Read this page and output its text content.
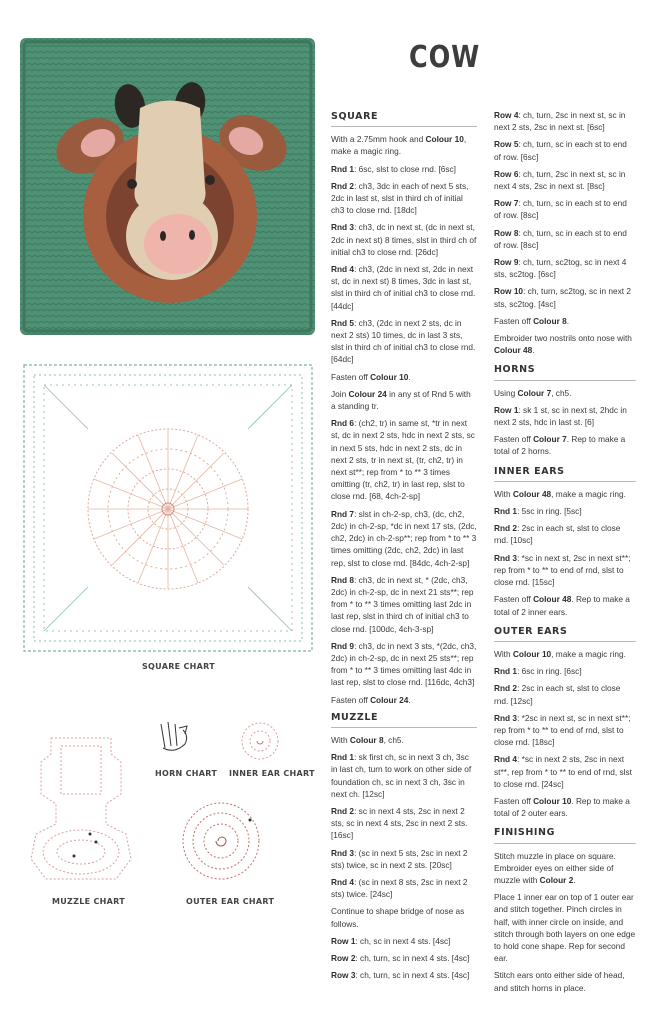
COW
SQUARE CHART
HORN CHART INNER EAR CHART
MUZZLE CHART	OUTER EAR CHART
SQUARE

With a 2.75mm hook and Colour 10, make a magic ring.

Rnd 1: 6sc, slst to close rnd. [6sc]

Rnd 2: ch3, 3dc in each of next 5 sts, 2dc in last st, slst in third ch of initial ch3 to close rnd. [18dc]

Rnd 3: ch3, dc in next st, (dc in next st, 2dc in next st) 8 times, slst in third ch of initial ch3 to close rnd. [26dc]

Rnd 4: ch3, (2dc in next st, 2dc in next st, dc in next st) 8 times, 3dc in last st, slst in third ch of initial ch3 to close rnd. [44dc]

Rnd 5: ch3, (2dc in next 2 sts, dc in next 2 sts) 10 times, dc in last 3 sts, slst in third ch of initial ch3 to close rnd. [64dc]

Fasten off Colour 10.

Join Colour 24 in any st of Rnd 5 with a standing tr.

Rnd 6: (ch2, tr) in same st, *tr in next st, dc in next 2 sts, hdc in next 2 sts, sc in next 5 sts, hdc in next 2 sts, dc in next 2 sts, tr in next st, (tr, ch2, tr) in next st**; rep from * to ** 3 times omitting (tr, ch2, tr) in last rep, slst to close rnd. [68, 4ch-2-sp]

Rnd 7: slst in ch-2-sp, ch3, (dc, ch2, 2dc) in ch-2-sp, *dc in next 17 sts, (2dc, ch2, 2dc) in ch-2-sp**; rep from * to ** 3 times omitting (2dc, ch2, 2dc) in last rep, slst to close rnd. [84dc, 4ch-2-sp]

Rnd 8: ch3, dc in next st, * (2dc, ch3, 2dc) in ch-2-sp, dc in next 21 sts**; rep from * to ** 3 times omitting last 2dc in last rep, slst in third ch of initial ch3 to close rnd. [100dc, 4ch-3-sp]

Rnd 9: ch3, dc in next 3 sts, *(2dc, ch3, 2dc) in ch-2-sp, dc in next 25 sts**; rep from * to ** 3 times omitting last 4dc in last rep, slst to close rnd. [116dc, 4ch3]

Fasten off Colour 24.

MUZZLE

With Colour 8, ch5.

Rnd 1: sk first ch, sc in next 3 ch, 3sc in last ch, turn to work on other side of foundation ch, sc in next 3 ch, 3sc in next ch. [12sc]

Rnd 2: sc in next 4 sts, 2sc in next 2 sts, sc in next 4 sts, 2sc in next 2 sts. [16sc]

Rnd 3: (sc in next 5 sts, 2sc in next 2 sts) twice, sc in next 2 sts. [20sc]

Rnd 4: (sc in next 8 sts, 2sc in next 2 sts) twice. [24sc]

Continue to shape bridge of nose as follows.

Row 1: ch, sc in next 4 sts. [4sc]

Row 2: ch, turn, sc in next 4 sts. [4sc]

Row 3: ch, turn, sc in next 4 sts. [4sc]

Row 4: ch, turn, 2sc in next st, sc in next 2 sts, 2sc in next st. [6sc]

Row 5: ch, turn, sc in each st to end of row. [6sc]

Row 6: ch, turn, 2sc in next st, sc in next 4 sts, 2sc in next st. [8sc]

Row 7: ch, turn, sc in each st to end of row. [8sc]

Row 8: ch, turn, sc in each st to end of row. [8sc]

Row 9: ch, turn, sc2tog, sc in next 4 sts, sc2tog. [6sc]

Row 10: ch, turn, sc2tog, sc in next 2 sts, sc2tog. [4sc]

Fasten off Colour 8.

Embroider two nostrils onto nose with Colour 48.

HORNS

Using Colour 7, ch5.

Row 1: sk 1 st, sc in next st, 2hdc in next 2 sts, hdc in last st. [6]

Fasten off Colour 7. Rep to make a total of 2 horns.

INNER EARS

With Colour 48, make a magic ring.

Rnd 1: 5sc in ring. [5sc]

Rnd 2: 2sc in each st, slst to close rnd. [10sc]

Rnd 3: *sc in next st, 2sc in next st**; rep from * to ** to end of rnd, slst to close rnd. [15sc]

Fasten off Colour 48. Rep to make a total of 2 inner ears.

OUTER EARS

With Colour 10, make a magic ring.

Rnd 1: 6sc in ring. [6sc]

Rnd 2: 2sc in each st, slst to close rnd. [12sc]

Rnd 3: *2sc in next st, sc in next st**; rep from * to ** to end of rnd, slst to close rnd. [18sc]

Rnd 4: *sc in next 2 sts, 2sc in next st**, rep from * to ** to end of rnd, slst to close rnd. [24sc]

Fasten off Colour 10. Rep to make a total of 2 outer ears.

FINISHING

Stitch muzzle in place on square. Embroider eyes on either side of muzzle with Colour 2.

Place 1 inner ear on top of 1 outer ear and stitch together. Pinch circles in half, with inner circle on inside, and stitch through both layers on one edge to hold cone shape. Rep for second ear.

Stitch ears onto either side of head, and stitch horns in place.
